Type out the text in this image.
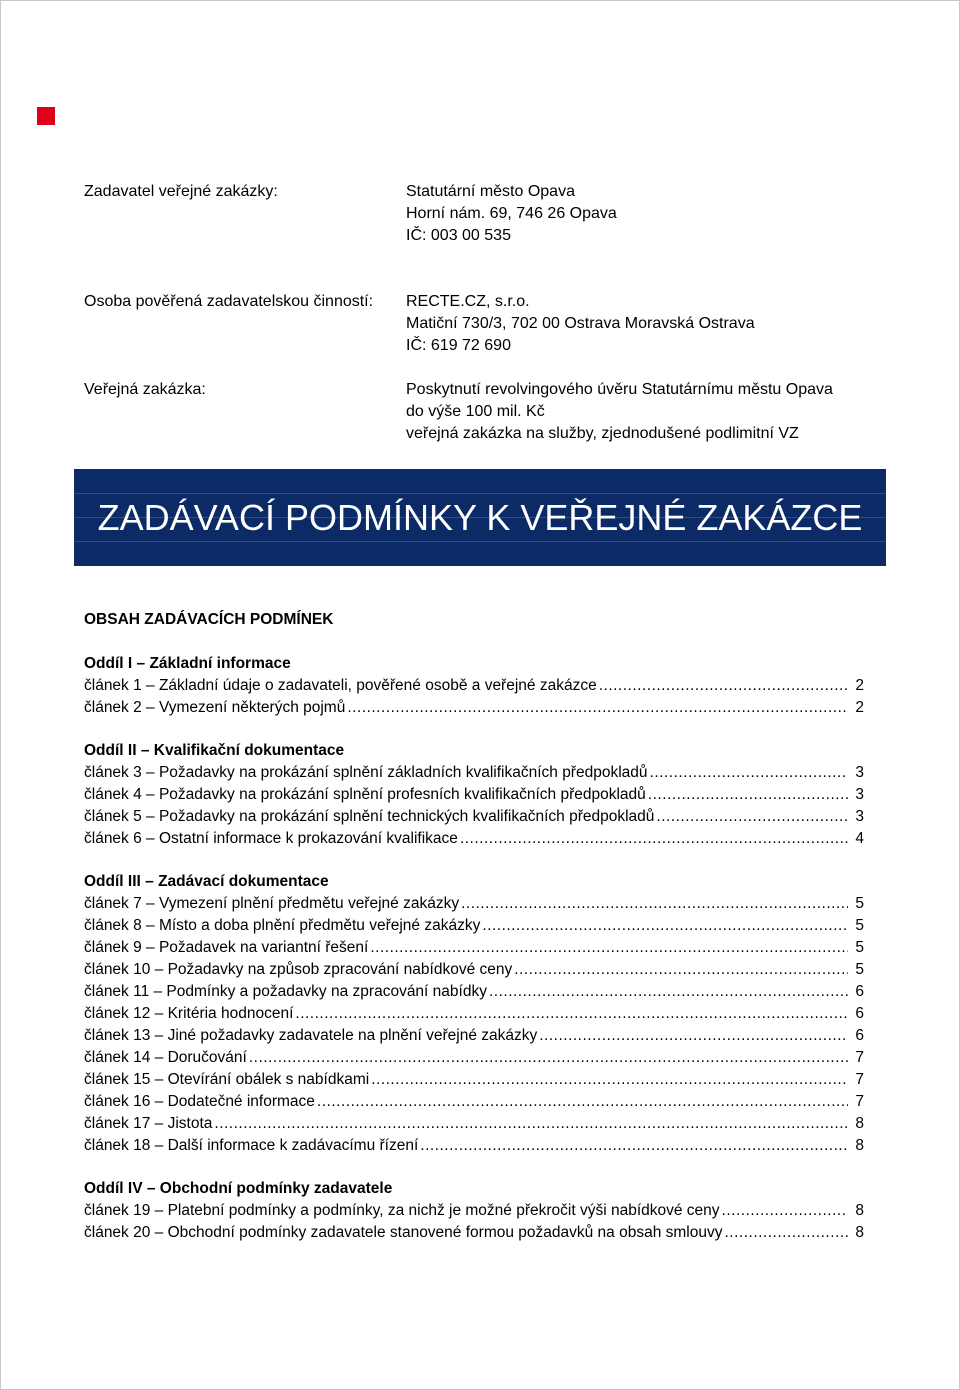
Zadavatel veřejné zakázky:	Statutární město Opava
Horní nám. 69, 746 26 Opava
IČ: 003 00 535
Osoba pověřená zadavatelskou činností: RECTE.CZ, s.r.o.
Matiční 730/3, 702 00 Ostrava Moravská Ostrava
IČ: 619 72 690
Veřejná zakázka:	Poskytnutí revolvingového úvěru Statutárnímu městu Opava
do výše 100 mil. Kč
veřejná zakázka na služby, zjednodušené podlimitní VZ
ZADÁVACÍ PODMÍNKY K VEŘEJNÉ ZAKÁZCE
OBSAH ZADÁVACÍCH PODMÍNEK
Oddíl I – Základní informace
článek 1 – Základní údaje o zadavateli, pověřené osobě a veřejné zakázce .....	2
článek 2 – Vymezení některých pojmů .....	2
Oddíl II – Kvalifikační dokumentace
článek 3 – Požadavky na prokázání splnění základních kvalifikačních předpokladů .....	3
článek 4 – Požadavky na prokázání splnění profesních kvalifikačních předpokladů .....	3
článek 5 – Požadavky na prokázání splnění technických kvalifikačních předpokladů .....	3
článek 6 – Ostatní informace k prokazování kvalifikace .....	4
Oddíl III – Zadávací dokumentace
článek 7 – Vymezení plnění předmětu veřejné zakázky .....	5
článek 8 – Místo a doba plnění předmětu veřejné zakázky .....	5
článek 9 – Požadavek na variantní řešení .....	5
článek 10 – Požadavky na způsob zpracování nabídkové ceny .....	5
článek 11 – Podmínky a požadavky na zpracování nabídky .....	6
článek 12 – Kritéria hodnocení .....	6
článek 13 – Jiné požadavky zadavatele na plnění veřejné zakázky .....	6
článek 14 – Doručování .....	7
článek 15 – Otevírání obálek s nabídkami .....	7
článek 16 – Dodatečné informace .....	7
článek 17 – Jistota .....	8
článek 18 – Další informace k zadávacímu řízení .....	8
Oddíl IV – Obchodní podmínky zadavatele
článek 19 – Platební podmínky a podmínky, za nichž je možné překročit výši nabídkové ceny .....	8
článek 20 – Obchodní podmínky zadavatele stanovené formou požadavků na obsah smlouvy .....	8
